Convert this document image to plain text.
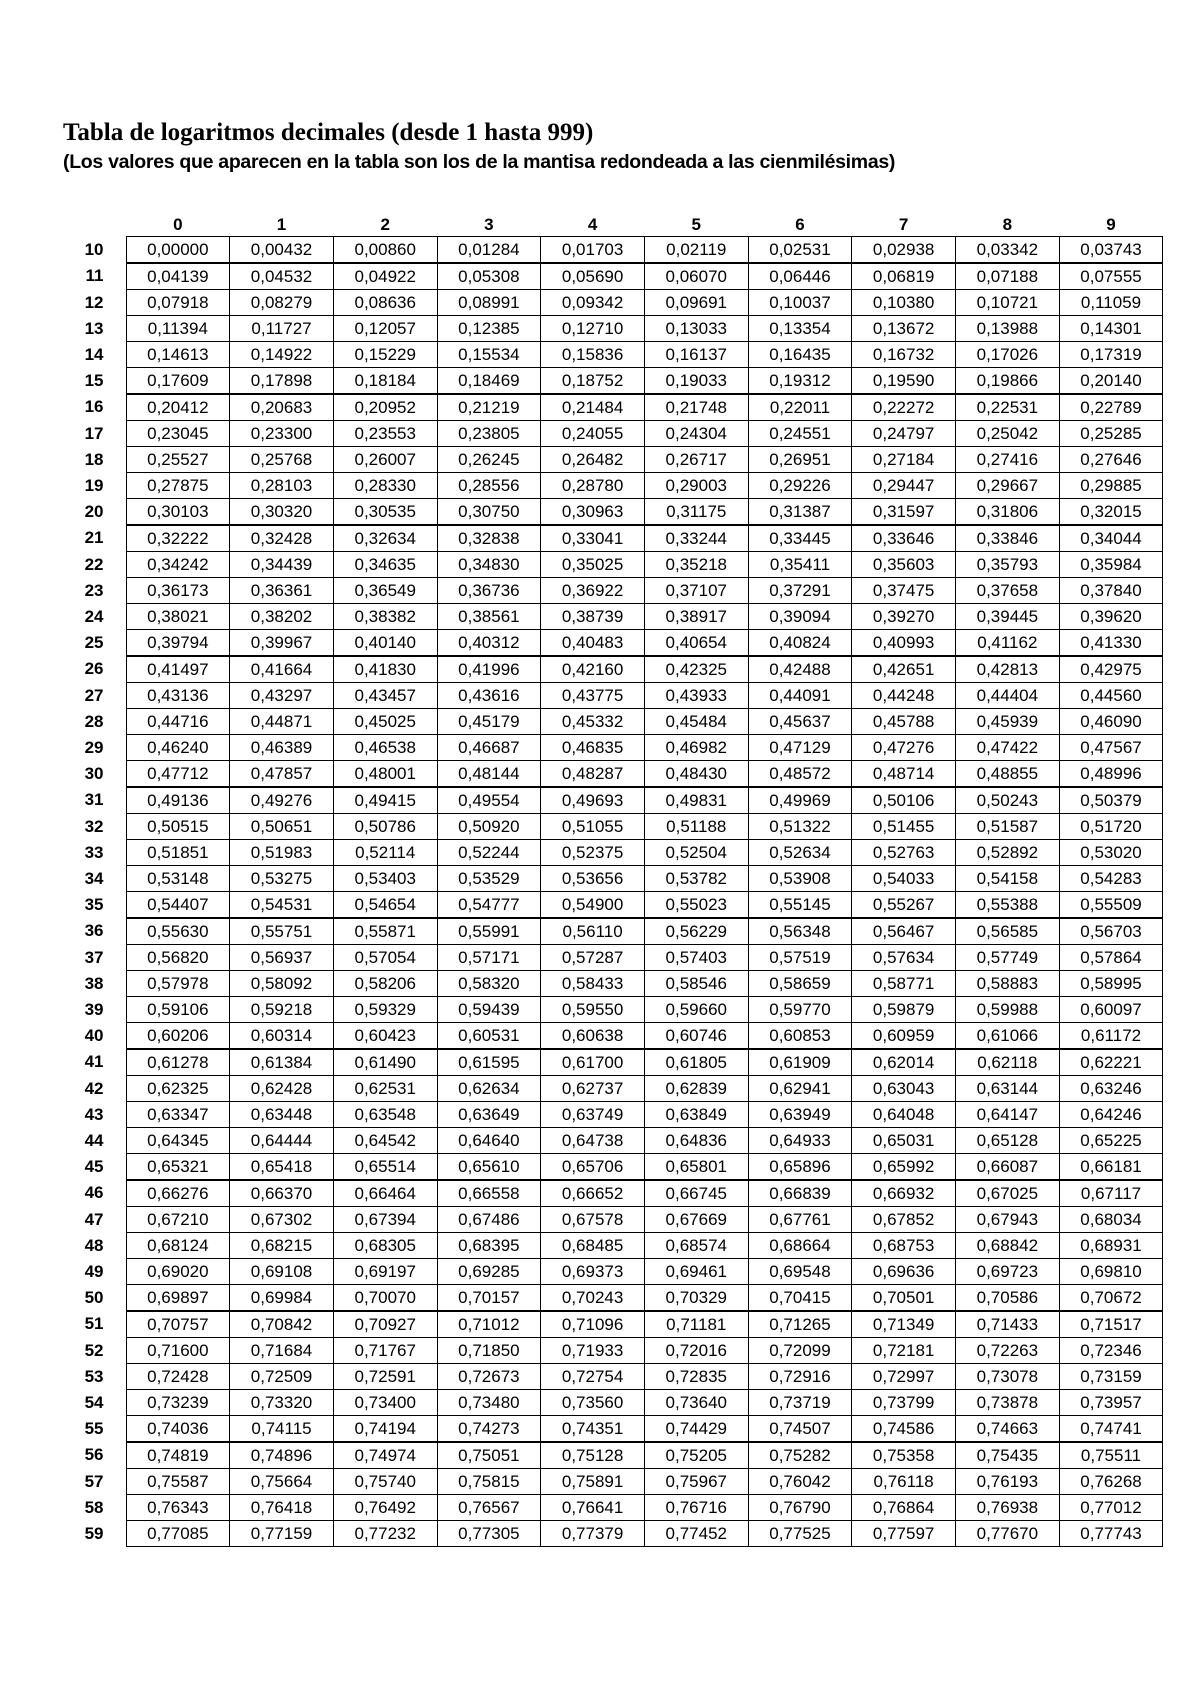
Tabla de logaritmos decimales (desde 1 hasta 999)

(Los valores que aparecen en la tabla son los de la mantisa redondeada a las cienmilésimas)

	0	1	2	3	4	5	6	7	8	9
10	0,00000	0,00432	0,00860	0,01284	0,01703	0,02119	0,02531	0,02938	0,03342	0,03743
11	0,04139	0,04532	0,04922	0,05308	0,05690	0,06070	0,06446	0,06819	0,07188	0,07555
12	0,07918	0,08279	0,08636	0,08991	0,09342	0,09691	0,10037	0,10380	0,10721	0,11059
13	0,11394	0,11727	0,12057	0,12385	0,12710	0,13033	0,13354	0,13672	0,13988	0,14301
14	0,14613	0,14922	0,15229	0,15534	0,15836	0,16137	0,16435	0,16732	0,17026	0,17319
15	0,17609	0,17898	0,18184	0,18469	0,18752	0,19033	0,19312	0,19590	0,19866	0,20140
16	0,20412	0,20683	0,20952	0,21219	0,21484	0,21748	0,22011	0,22272	0,22531	0,22789
17	0,23045	0,23300	0,23553	0,23805	0,24055	0,24304	0,24551	0,24797	0,25042	0,25285
18	0,25527	0,25768	0,26007	0,26245	0,26482	0,26717	0,26951	0,27184	0,27416	0,27646
19	0,27875	0,28103	0,28330	0,28556	0,28780	0,29003	0,29226	0,29447	0,29667	0,29885
20	0,30103	0,30320	0,30535	0,30750	0,30963	0,31175	0,31387	0,31597	0,31806	0,32015
21	0,32222	0,32428	0,32634	0,32838	0,33041	0,33244	0,33445	0,33646	0,33846	0,34044
22	0,34242	0,34439	0,34635	0,34830	0,35025	0,35218	0,35411	0,35603	0,35793	0,35984
23	0,36173	0,36361	0,36549	0,36736	0,36922	0,37107	0,37291	0,37475	0,37658	0,37840
24	0,38021	0,38202	0,38382	0,38561	0,38739	0,38917	0,39094	0,39270	0,39445	0,39620
25	0,39794	0,39967	0,40140	0,40312	0,40483	0,40654	0,40824	0,40993	0,41162	0,41330
26	0,41497	0,41664	0,41830	0,41996	0,42160	0,42325	0,42488	0,42651	0,42813	0,42975
27	0,43136	0,43297	0,43457	0,43616	0,43775	0,43933	0,44091	0,44248	0,44404	0,44560
28	0,44716	0,44871	0,45025	0,45179	0,45332	0,45484	0,45637	0,45788	0,45939	0,46090
29	0,46240	0,46389	0,46538	0,46687	0,46835	0,46982	0,47129	0,47276	0,47422	0,47567
30	0,47712	0,47857	0,48001	0,48144	0,48287	0,48430	0,48572	0,48714	0,48855	0,48996
31	0,49136	0,49276	0,49415	0,49554	0,49693	0,49831	0,49969	0,50106	0,50243	0,50379
32	0,50515	0,50651	0,50786	0,50920	0,51055	0,51188	0,51322	0,51455	0,51587	0,51720
33	0,51851	0,51983	0,52114	0,52244	0,52375	0,52504	0,52634	0,52763	0,52892	0,53020
34	0,53148	0,53275	0,53403	0,53529	0,53656	0,53782	0,53908	0,54033	0,54158	0,54283
35	0,54407	0,54531	0,54654	0,54777	0,54900	0,55023	0,55145	0,55267	0,55388	0,55509
36	0,55630	0,55751	0,55871	0,55991	0,56110	0,56229	0,56348	0,56467	0,56585	0,56703
37	0,56820	0,56937	0,57054	0,57171	0,57287	0,57403	0,57519	0,57634	0,57749	0,57864
38	0,57978	0,58092	0,58206	0,58320	0,58433	0,58546	0,58659	0,58771	0,58883	0,58995
39	0,59106	0,59218	0,59329	0,59439	0,59550	0,59660	0,59770	0,59879	0,59988	0,60097
40	0,60206	0,60314	0,60423	0,60531	0,60638	0,60746	0,60853	0,60959	0,61066	0,61172
41	0,61278	0,61384	0,61490	0,61595	0,61700	0,61805	0,61909	0,62014	0,62118	0,62221
42	0,62325	0,62428	0,62531	0,62634	0,62737	0,62839	0,62941	0,63043	0,63144	0,63246
43	0,63347	0,63448	0,63548	0,63649	0,63749	0,63849	0,63949	0,64048	0,64147	0,64246
44	0,64345	0,64444	0,64542	0,64640	0,64738	0,64836	0,64933	0,65031	0,65128	0,65225
45	0,65321	0,65418	0,65514	0,65610	0,65706	0,65801	0,65896	0,65992	0,66087	0,66181
46	0,66276	0,66370	0,66464	0,66558	0,66652	0,66745	0,66839	0,66932	0,67025	0,67117
47	0,67210	0,67302	0,67394	0,67486	0,67578	0,67669	0,67761	0,67852	0,67943	0,68034
48	0,68124	0,68215	0,68305	0,68395	0,68485	0,68574	0,68664	0,68753	0,68842	0,68931
49	0,69020	0,69108	0,69197	0,69285	0,69373	0,69461	0,69548	0,69636	0,69723	0,69810
50	0,69897	0,69984	0,70070	0,70157	0,70243	0,70329	0,70415	0,70501	0,70586	0,70672
51	0,70757	0,70842	0,70927	0,71012	0,71096	0,71181	0,71265	0,71349	0,71433	0,71517
52	0,71600	0,71684	0,71767	0,71850	0,71933	0,72016	0,72099	0,72181	0,72263	0,72346
53	0,72428	0,72509	0,72591	0,72673	0,72754	0,72835	0,72916	0,72997	0,73078	0,73159
54	0,73239	0,73320	0,73400	0,73480	0,73560	0,73640	0,73719	0,73799	0,73878	0,73957
55	0,74036	0,74115	0,74194	0,74273	0,74351	0,74429	0,74507	0,74586	0,74663	0,74741
56	0,74819	0,74896	0,74974	0,75051	0,75128	0,75205	0,75282	0,75358	0,75435	0,75511
57	0,75587	0,75664	0,75740	0,75815	0,75891	0,75967	0,76042	0,76118	0,76193	0,76268
58	0,76343	0,76418	0,76492	0,76567	0,76641	0,76716	0,76790	0,76864	0,76938	0,77012
59	0,77085	0,77159	0,77232	0,77305	0,77379	0,77452	0,77525	0,77597	0,77670	0,77743
